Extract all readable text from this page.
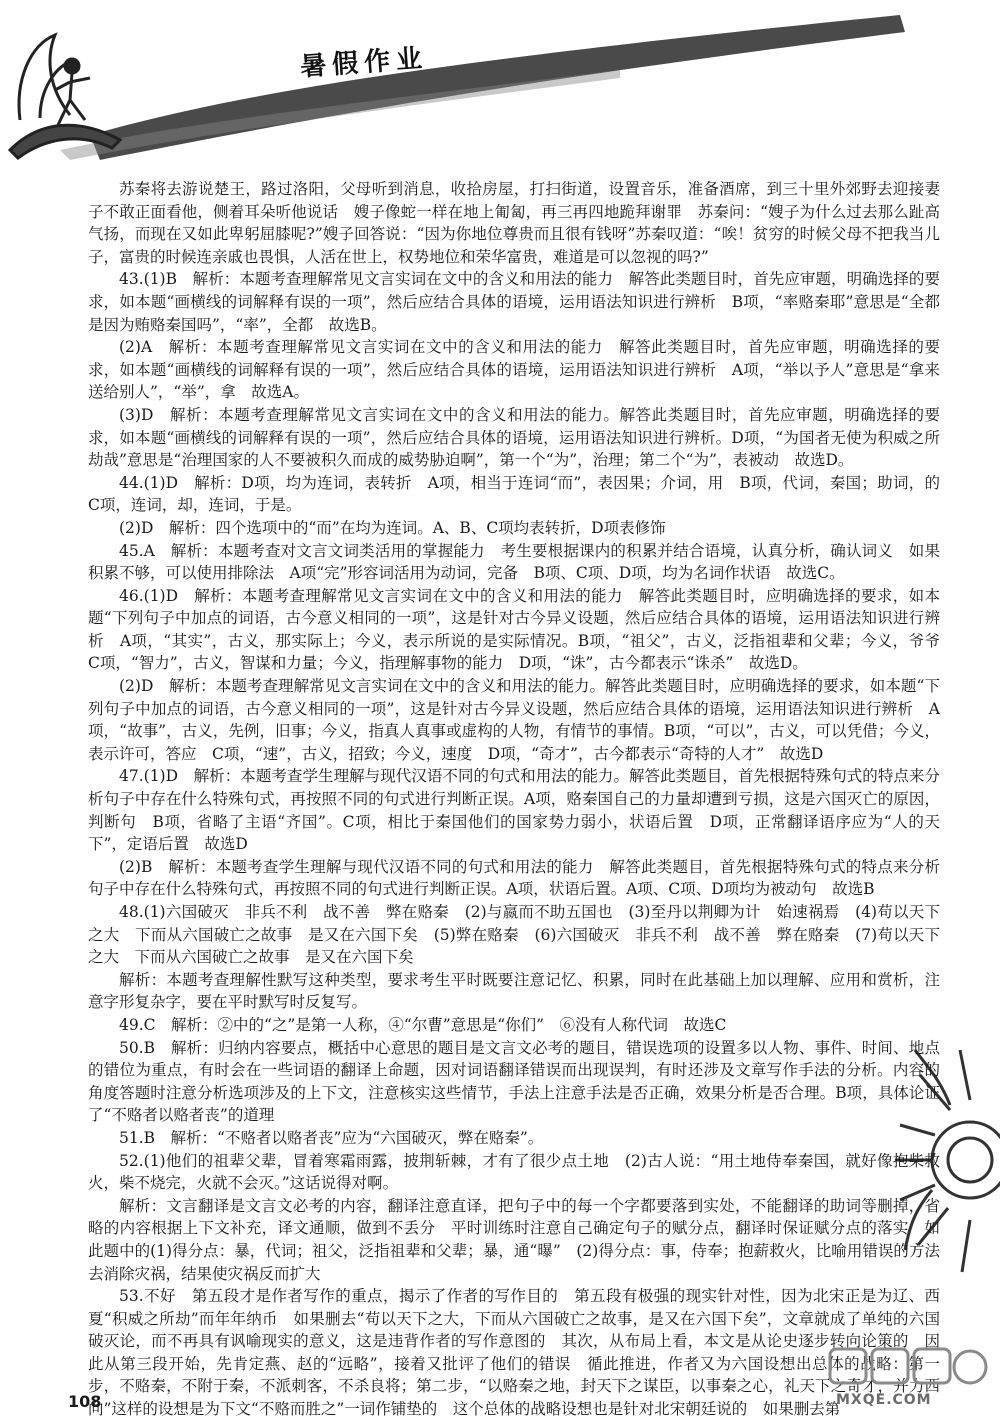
暑假作业

苏秦将去游说楚王，路过洛阳，父母听到消息，收拾房屋，打扫街道，设置音乐，准备酒席，到三十里外郊野去迎接妻子不敢正面看他，侧着耳朵听他说话　嫂子像蛇一样在地上匍匐，再三再四地跪拜谢罪　苏秦问：“嫂子为什么过去那么趾高气扬，而现在又如此卑躬屈膝呢?”嫂子回答说：“因为你地位尊贵而且很有钱呀”苏秦叹道：“唉！贫穷的时候父母不把我当儿子，富贵的时候连亲戚也畏惧，人活在世上，权势地位和荣华富贵，难道是可以忽视的吗?”

43.(1)B　解析：本题考查理解常见文言实词在文中的含义和用法的能力　解答此类题目时，首先应审题，明确选择的要求，如本题“画横线的词解释有误的一项”，然后应结合具体的语境，运用语法知识进行辨析　B项，“率赂秦耶”意思是“全都是因为贿赂秦国吗”，“率”，全都　故选B。

(2)A　解析：本题考查理解常见文言实词在文中的含义和用法的能力　解答此类题目时，首先应审题，明确选择的要求，如本题“画横线的词解释有误的一项”，然后应结合具体的语境，运用语法知识进行辨析　A项，“举以予人”意思是“拿来送给别人”，“举”，拿　故选A。

(3)D　解析：本题考查理解常见文言实词在文中的含义和用法的能力。解答此类题目时，首先应审题，明确选择的要求，如本题“画横线的词解释有误的一项”，然后应结合具体的语境，运用语法知识进行辨析。D项，“为国者无使为积威之所劫哉”意思是“治理国家的人不要被积久而成的威势胁迫啊”，第一个“为”，治理；第二个“为”，表被动　故选D。

44.(1)D　解析：D项，均为连词，表转折　A项，相当于连词“而”，表因果；介词，用　B项，代词，秦国；助词，的　C项，连词，却，连词，于是。

(2)D　解析：四个选项中的“而”在均为连词。A、B、C项均表转折，D项表修饰

45.A　解析：本题考查对文言文词类活用的掌握能力　考生要根据课内的积累并结合语境，认真分析，确认词义　如果积累不够，可以使用排除法　A项“完”形容词活用为动词，完备　B项、C项、D项，均为名词作状语　故选C。

46.(1)D　解析：本题考查理解常见文言实词在文中的含义和用法的能力　解答此类题目时，应明确选择的要求，如本题“下列句子中加点的词语，古今意义相同的一项”，这是针对古今异义设题，然后应结合具体的语境，运用语法知识进行辨析　A项，“其实”，古义，那实际上；今义，表示所说的是实际情况。B项，“祖父”，古义，泛指祖辈和父辈；今义，爷爷　C项，“智力”，古义，智谋和力量；今义，指理解事物的能力　D项，“诛”，古今都表示“诛杀”　故选D。

(2)D　解析：本题考查理解常见文言实词在文中的含义和用法的能力。解答此类题目时，应明确选择的要求，如本题“下列句子中加点的词语，古今意义相同的一项”，这是针对古今异义设题，然后应结合具体的语境，运用语法知识进行辨析　A项，“故事”，古义，先例，旧事；今义，指真人真事或虚构的人物，有情节的事情。B项，“可以”，古义，可以凭借；今义，表示许可，答应　C项，“速”，古义，招致；今义，速度　D项，“奇才”，古今都表示“奇特的人才”　故选D

47.(1)D　解析：本题考查学生理解与现代汉语不同的句式和用法的能力。解答此类题目，首先根据特殊句式的特点来分析句子中存在什么特殊句式，再按照不同的句式进行判断正误。A项，赂秦国自己的力量却遭到亏损，这是六国灭亡的原因，判断句　B项，省略了主语“齐国”。C项，相比于秦国他们的国家势力弱小，状语后置　D项，正常翻译语序应为“人的天下”，定语后置　故选D

(2)B　解析：本题考查学生理解与现代汉语不同的句式和用法的能力　解答此类题目，首先根据特殊句式的特点来分析句子中存在什么特殊句式，再按照不同的句式进行判断正误。A项，状语后置。A项、C项、D项均为被动句　故选B

48.(1)六国破灭　非兵不利　战不善　弊在赂秦　(2)与嬴而不助五国也　(3)至丹以荆卿为计　始速祸焉　(4)苟以天下之大　下而从六国破亡之故事　是又在六国下矣　(5)弊在赂秦　(6)六国破灭　非兵不利　战不善　弊在赂秦　(7)苟以天下之大　下而从六国破亡之故事　是又在六国下矣

解析：本题考查理解性默写这种类型，要求考生平时既要注意记忆、积累，同时在此基础上加以理解、应用和赏析，注意字形复杂字，要在平时默写时反复写。

49.C　解析：②中的“之”是第一人称，④“尔曹”意思是“你们”　⑥没有人称代词　故选C

50.B　解析：归纳内容要点，概括中心意思的题目是文言文必考的题目，错误选项的设置多以人物、事件、时间、地点的错位为重点，有时会在一些词语的翻译上命题，因对词语翻译错误而出现误判，有时还涉及文章写作手法的分析。内容的角度答题时注意分析选项涉及的上下文，注意核实这些情节，手法上注意手法是否正确，效果分析是否合理。B项，具体论证了“不赂者以赂者丧”的道理

51.B　解析：“不赂者以赂者丧”应为“六国破灭，弊在赂秦”。

52.(1)他们的祖辈父辈，冒着寒霜雨露，披荆斩棘，才有了很少点土地　(2)古人说：“用土地侍奉秦国，就好像抱柴救火，柴不烧完，火就不会灭。”这话说得对啊。

解析：文言翻译是文言文必考的内容，翻译注意直译，把句子中的每一个字都要落到实处，不能翻译的助词等删掉，省略的内容根据上下文补充，译文通顺，做到不丢分　平时训练时注意自己确定句子的赋分点，翻译时保证赋分点的落实　如此题中的(1)得分点：暴，代词；祖父，泛指祖辈和父辈；暴，通“曝”　(2)得分点：事，侍奉；抱薪救火，比喻用错误的方法去消除灾祸，结果使灾祸反而扩大

53.不好　第五段才是作者写作的重点，揭示了作者的写作目的　第五段有极强的现实针对性，因为北宋正是为辽、西夏“积威之所劫”而年年纳币　如果删去“苟以天下之大，下而从六国破亡之故事，是又在六国下矣”，文章就成了单纯的六国破灭论，而不再具有讽喻现实的意义，这是违背作者的写作意图的　其次，从布局上看，本文是从论史逐步转向论策的　因此从第三段开始，先肯定燕、赵的“远略”，接着又批评了他们的错误　循此推进，作者又为六国设想出总体的战略：第一步，不赂秦，不附于秦，不派刺客，不杀良将；第二步，“以赂秦之地，封天下之谋臣，以事秦之心，礼天下之奇才，并力西向”这样的设想是为下文“不赂而胜之”一词作铺垫的　这个总体的战略设想也是针对北宋朝廷说的　如果删去第

108	MXQE.COM
